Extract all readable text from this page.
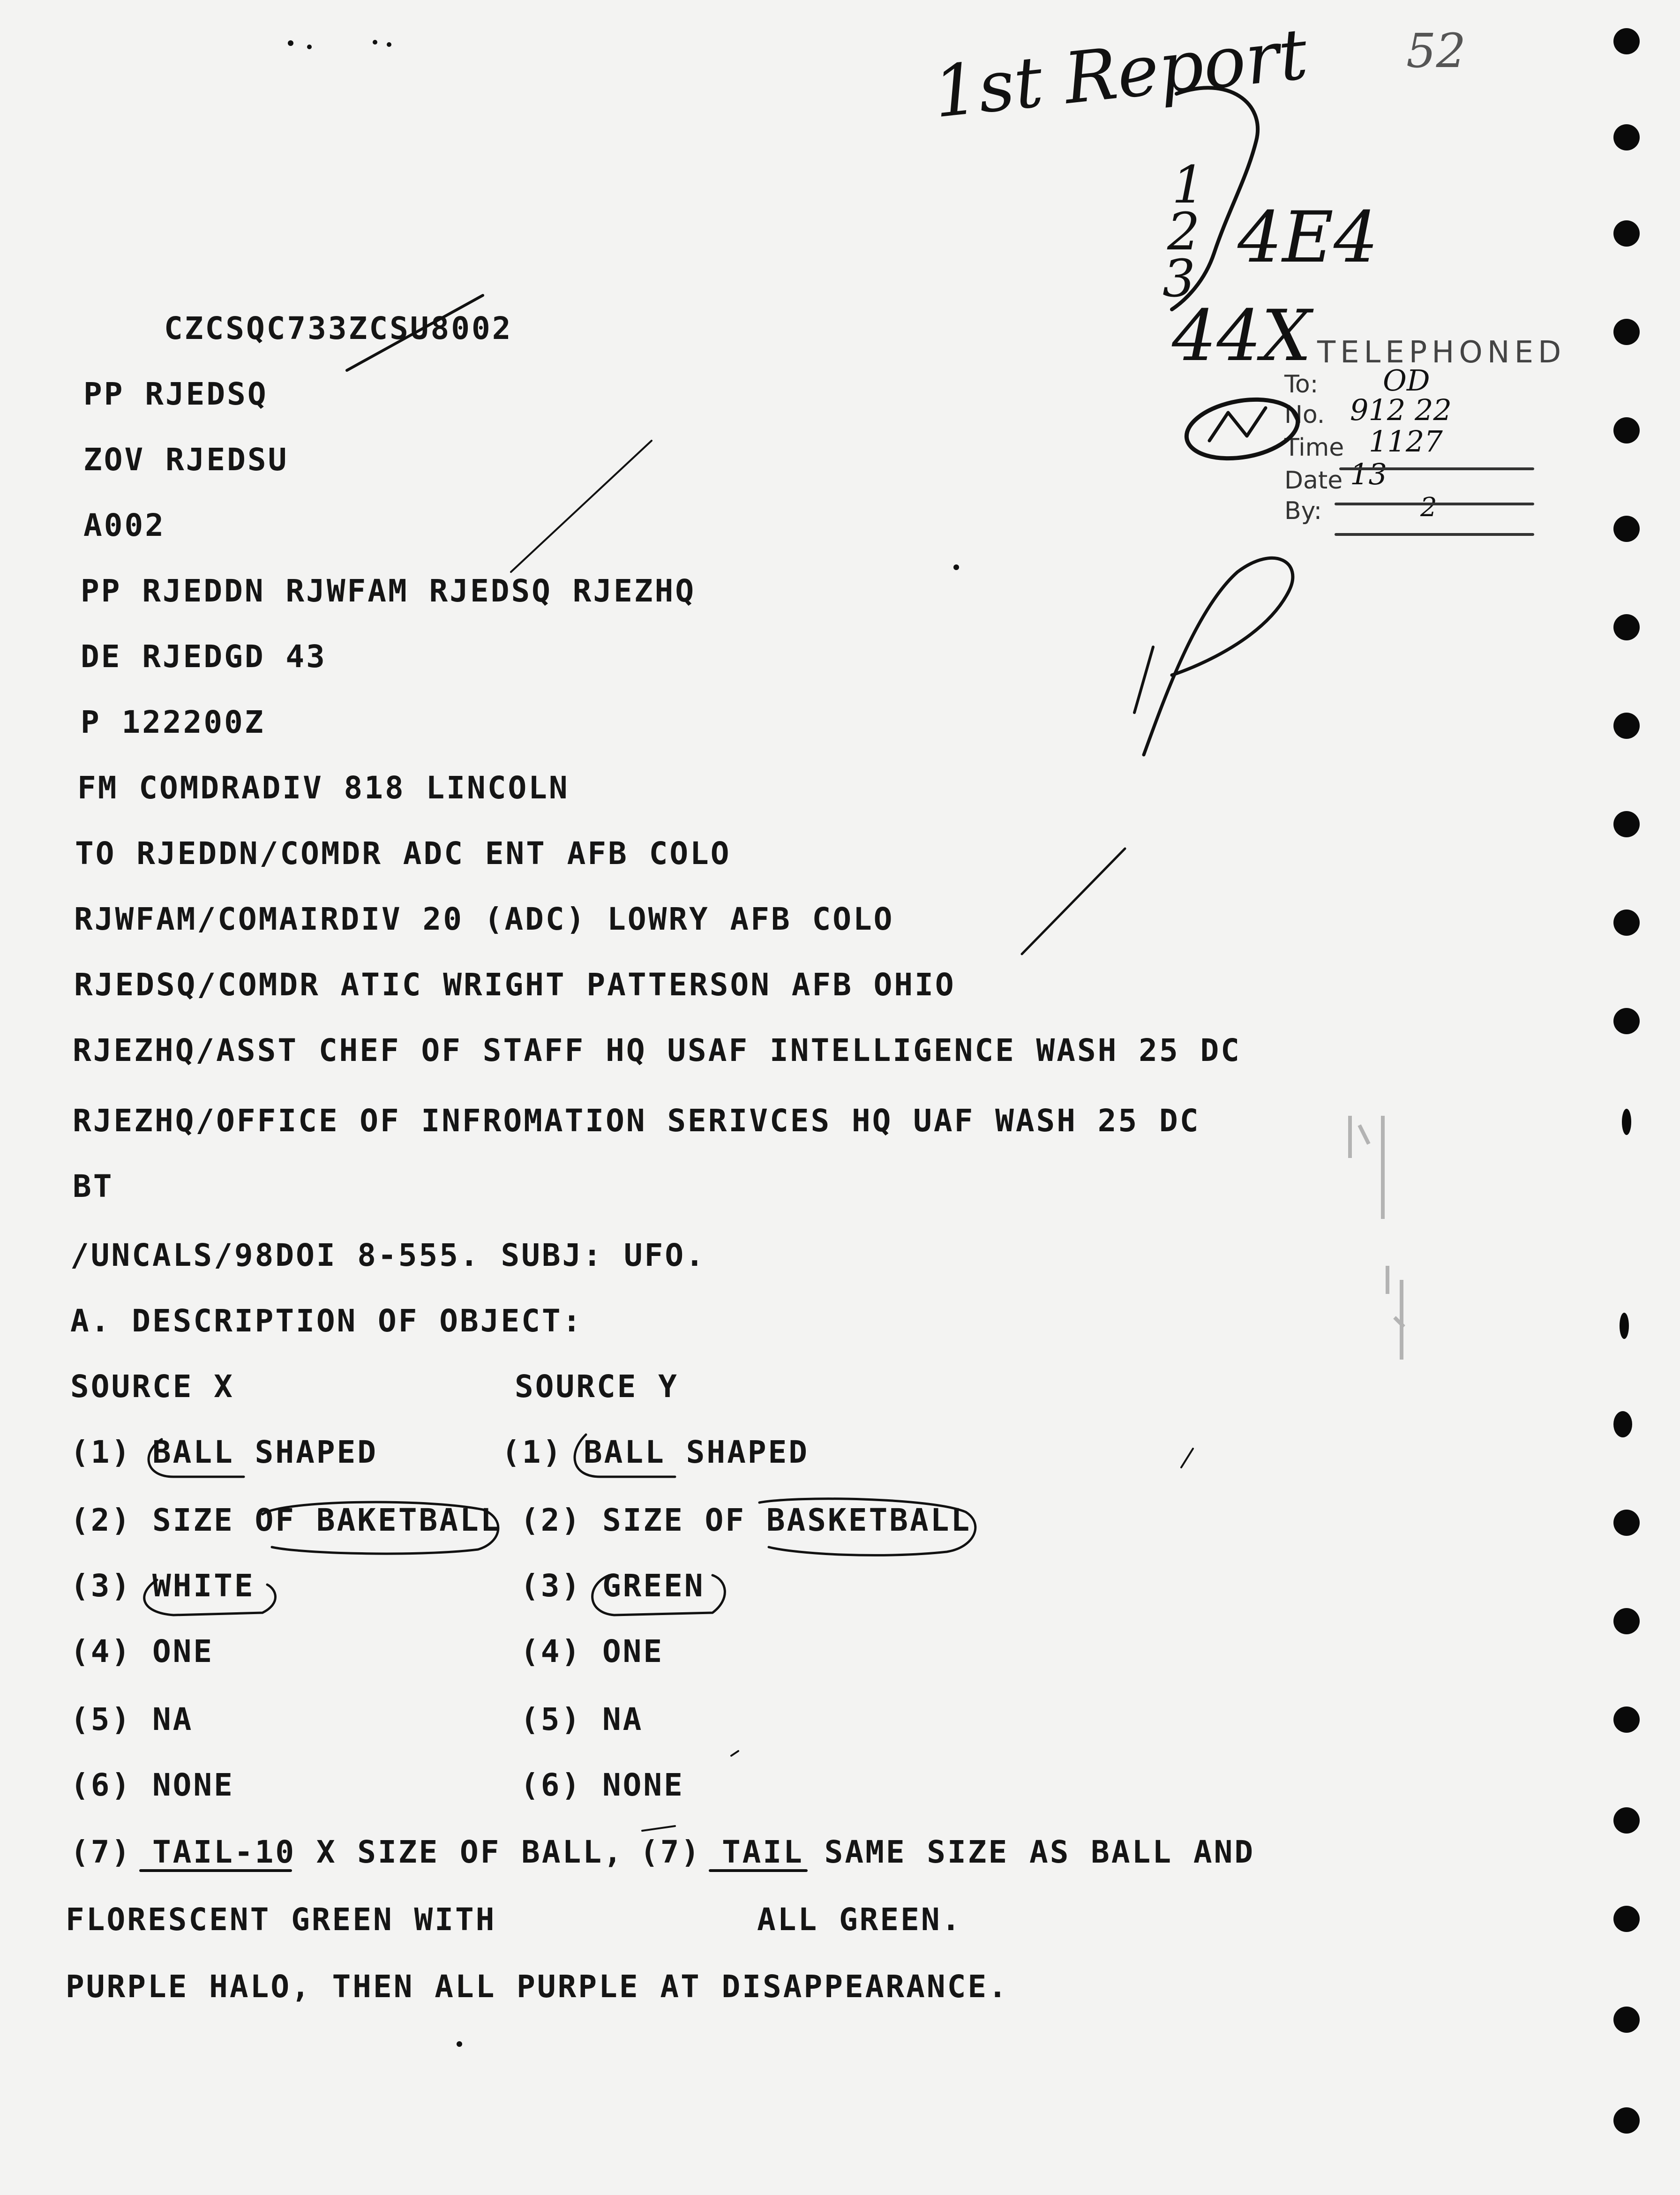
1st Report 52
1
2
3 4E4
44X TELEPHONED
To: OD
No. 912 22
Time 1127
Date 13
By:	2
CZCSQC733ZCSU8002
PP RJEDSQ
ZOV RJEDSU
A002
PP RJEDDN RJWFAM RJEDSQ RJEZHQ
DE RJEDGD 43
P 122200Z
FM COMDRADIV 818 LINCOLN
TO RJEDDN/COMDR ADC ENT AFB COLO
RJWFAM/COMAIRDIV 20 (ADC) LOWRY AFB COLO
RJEDSQ/COMDR ATIC WRIGHT PATTERSON AFB OHIO
RJEZHQ/ASST CHEF OF STAFF HQ USAF INTELLIGENCE WASH 25 DC
RJEZHQ/OFFICE OF INFROMATION SERIVCES HQ UAF WASH 25 DC
BT
/UNCALS/98DOI 8-555. SUBJ: UFO.
A. DESCRIPTION OF OBJECT:
SOURCE X	SOURCE Y
(1) BALL SHAPED	(1) BALL SHAPED
(2) SIZE OF BAKETBALL (2) SIZE OF BASKETBALL
(3) WHITE	(3) GREEN
(4) ONE	(4) ONE
(5) NA	(5) NA
(6) NONE	(6) NONE
(7) TAIL-10 X SIZE OF BALL, (7) TAIL SAME SIZE AS BALL AND
FLORESCENT GREEN WITH	ALL GREEN.
PURPLE HALO, THEN ALL PURPLE AT DISAPPEARANCE.
